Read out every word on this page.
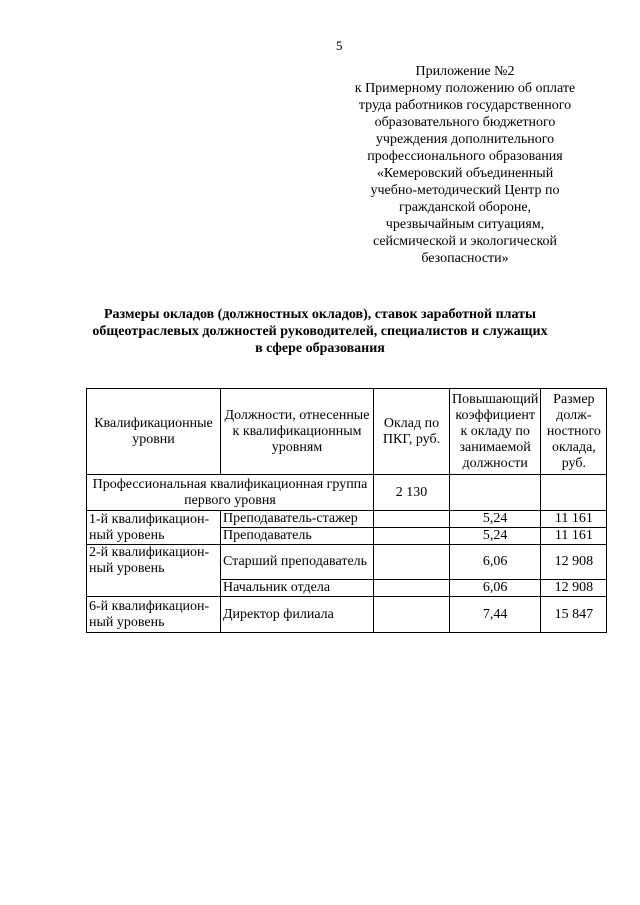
5
Приложение №2
к Примерному положению об оплате
труда работников государственного
образовательного бюджетного
учреждения дополнительного
профессионального образования
«Кемеровский объединенный
учебно-методический Центр по
гражданской обороне,
чрезвычайным ситуациям,
сейсмической и экологической
безопасности»
Размеры окладов (должностных окладов), ставок заработной платы
общеотраслевых должностей руководителей, специалистов и служащих
в сфере образования
Квалификационные уровни	Должности, отнесенные к квалификационным уровням	Оклад по ПКГ, руб.	Повышающий коэффициент к окладу по занимаемой должности	Размер долж-ностного оклада, руб.
Профессиональная квалификационная группа первого уровня		2 130		
1-й квалификацион-ный уровень	Преподаватель-стажер		5,24	11 161
	Преподаватель		5,24	11 161
2-й квалификацион-ный уровень	Старший преподаватель		6,06	12 908
	Начальник отдела		6,06	12 908
6-й квалификацион-ный уровень	Директор филиала		7,44	15 847
